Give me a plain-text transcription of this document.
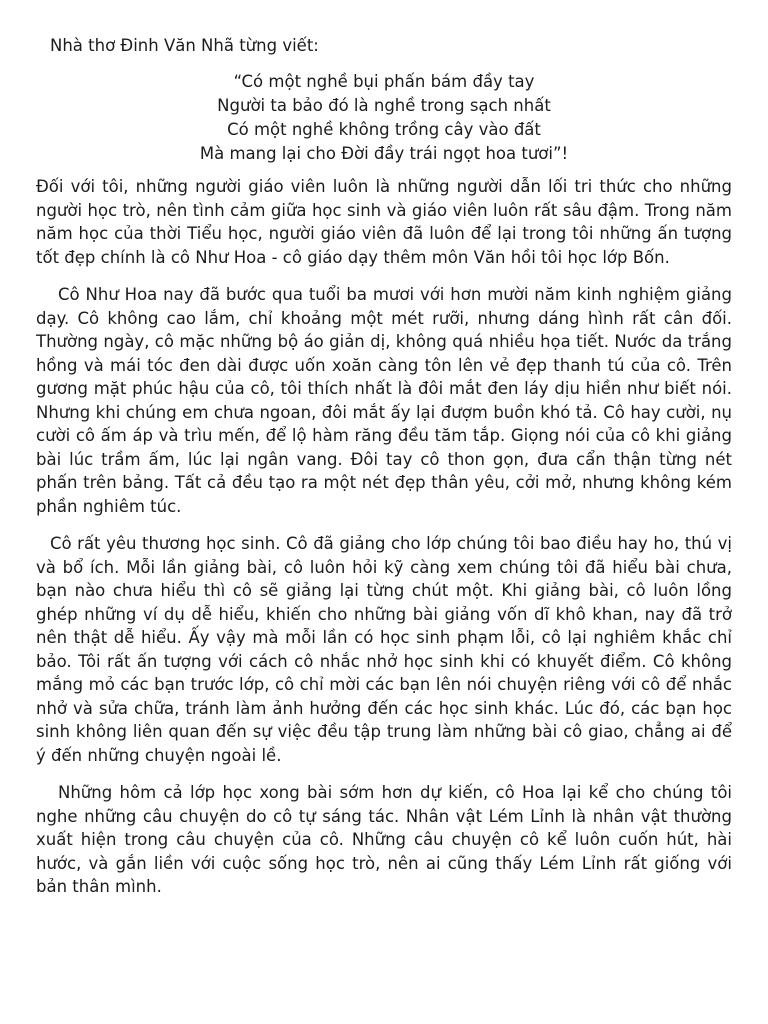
Nhà thơ Đinh Văn Nhã từng viết:

“Có một nghề bụi phấn bám đầy tay
Người ta bảo đó là nghề trong sạch nhất
Có một nghề không trồng cây vào đất
Mà mang lại cho Đời đầy trái ngọt hoa tươi”!

Đối với tôi, những người giáo viên luôn là những người dẫn lối tri thức cho những người học trò, nên tình cảm giữa học sinh và giáo viên luôn rất sâu đậm. Trong năm năm học của thời Tiểu học, người giáo viên đã luôn để lại trong tôi những ấn tượng tốt đẹp chính là cô Như Hoa - cô giáo dạy thêm môn Văn hồi tôi học lớp Bốn.

Cô Như Hoa nay đã bước qua tuổi ba mươi với hơn mười năm kinh nghiệm giảng dạy. Cô không cao lắm, chỉ khoảng một mét rưỡi, nhưng dáng hình rất cân đối. Thường ngày, cô mặc những bộ áo giản dị, không quá nhiều họa tiết. Nước da trắng hồng và mái tóc đen dài được uốn xoăn càng tôn lên vẻ đẹp thanh tú của cô. Trên gương mặt phúc hậu của cô, tôi thích nhất là đôi mắt đen láy dịu hiền như biết nói. Nhưng khi chúng em chưa ngoan, đôi mắt ấy lại đượm buồn khó tả. Cô hay cười, nụ cười cô ấm áp và trìu mến, để lộ hàm răng đều tăm tắp. Giọng nói của cô khi giảng bài lúc trầm ấm, lúc lại ngân vang. Đôi tay cô thon gọn, đưa cẩn thận từng nét phấn trên bảng. Tất cả đều tạo ra một nét đẹp thân yêu, cởi mở, nhưng không kém phần nghiêm túc.

Cô rất yêu thương học sinh. Cô đã giảng cho lớp chúng tôi bao điều hay ho, thú vị và bổ ích. Mỗi lần giảng bài, cô luôn hỏi kỹ càng xem chúng tôi đã hiểu bài chưa, bạn nào chưa hiểu thì cô sẽ giảng lại từng chút một. Khi giảng bài, cô luôn lồng ghép những ví dụ dễ hiểu, khiến cho những bài giảng vốn dĩ khô khan, nay đã trở nên thật dễ hiểu. Ấy vậy mà mỗi lần có học sinh phạm lỗi, cô lại nghiêm khắc chỉ bảo. Tôi rất ấn tượng với cách cô nhắc nhở học sinh khi có khuyết điểm. Cô không mắng mỏ các bạn trước lớp, cô chỉ mời các bạn lên nói chuyện riêng với cô để nhắc nhở và sửa chữa, tránh làm ảnh hưởng đến các học sinh khác. Lúc đó, các bạn học sinh không liên quan đến sự việc đều tập trung làm những bài cô giao, chẳng ai để ý đến những chuyện ngoài lề.

Những hôm cả lớp học xong bài sớm hơn dự kiến, cô Hoa lại kể cho chúng tôi nghe những câu chuyện do cô tự sáng tác. Nhân vật Lém Lỉnh là nhân vật thường xuất hiện trong câu chuyện của cô. Những câu chuyện cô kể luôn cuốn hút, hài hước, và gắn liền với cuộc sống học trò, nên ai cũng thấy Lém Lỉnh rất giống với bản thân mình.
